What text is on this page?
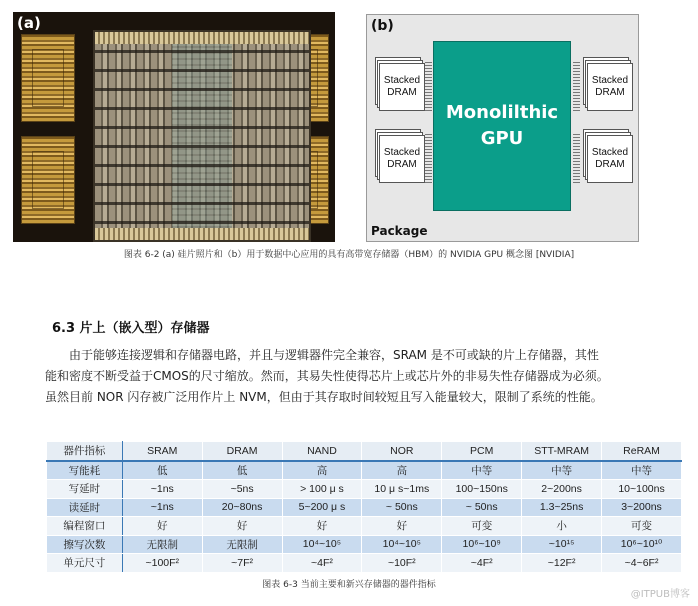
(a)	(b)
Stacked
DRAM
Stacked
DRAM
Monolilthic
GPU
Stacked
DRAM
Stacked
DRAM
Package
图表 6-2 (a) 硅片照片和（b）用于数据中心应用的具有高带宽存储器（HBM）的 NVIDIA GPU 概念图 [NVIDIA]
6.3 片上（嵌入型）存储器
由于能够连接逻辑和存储器电路，并且与逻辑器件完全兼容，SRAM 是不可或缺的片上存储器，其性
能和密度不断受益于CMOS的尺寸缩放。然而，其易失性使得芯片上或芯片外的非易失性存储器成为必须。
虽然目前 NOR 闪存被广泛用作片上 NVM，但由于其存取时间较短且写入能量较大，限制了系统的性能。
器件指标	SRAM	DRAM	NAND	NOR	PCM	STT-MRAM	ReRAM
写能耗	低	低	高	高	中等	中等	中等
写延时	~1ns	~5ns	> 100 μ s	10 μ s~1ms	100~150ns	2~200ns	10~100ns
读延时	~1ns	20~80ns	5~200 μ s	~ 50ns	~ 50ns	1.3~25ns	3~200ns
编程窗口	好	好	好	好	可变	小	可变
擦写次数	无限制	无限制	10⁴~10⁵	10⁴~10⁵	10⁶~10⁹	~10¹⁵	10⁶~10¹⁰
单元尺寸	~100F²	~7F²	~4F²	~10F²	~4F²	~12F²	~4~6F²
图表 6-3 当前主要和新兴存储器的器件指标
@ITPUB博客
